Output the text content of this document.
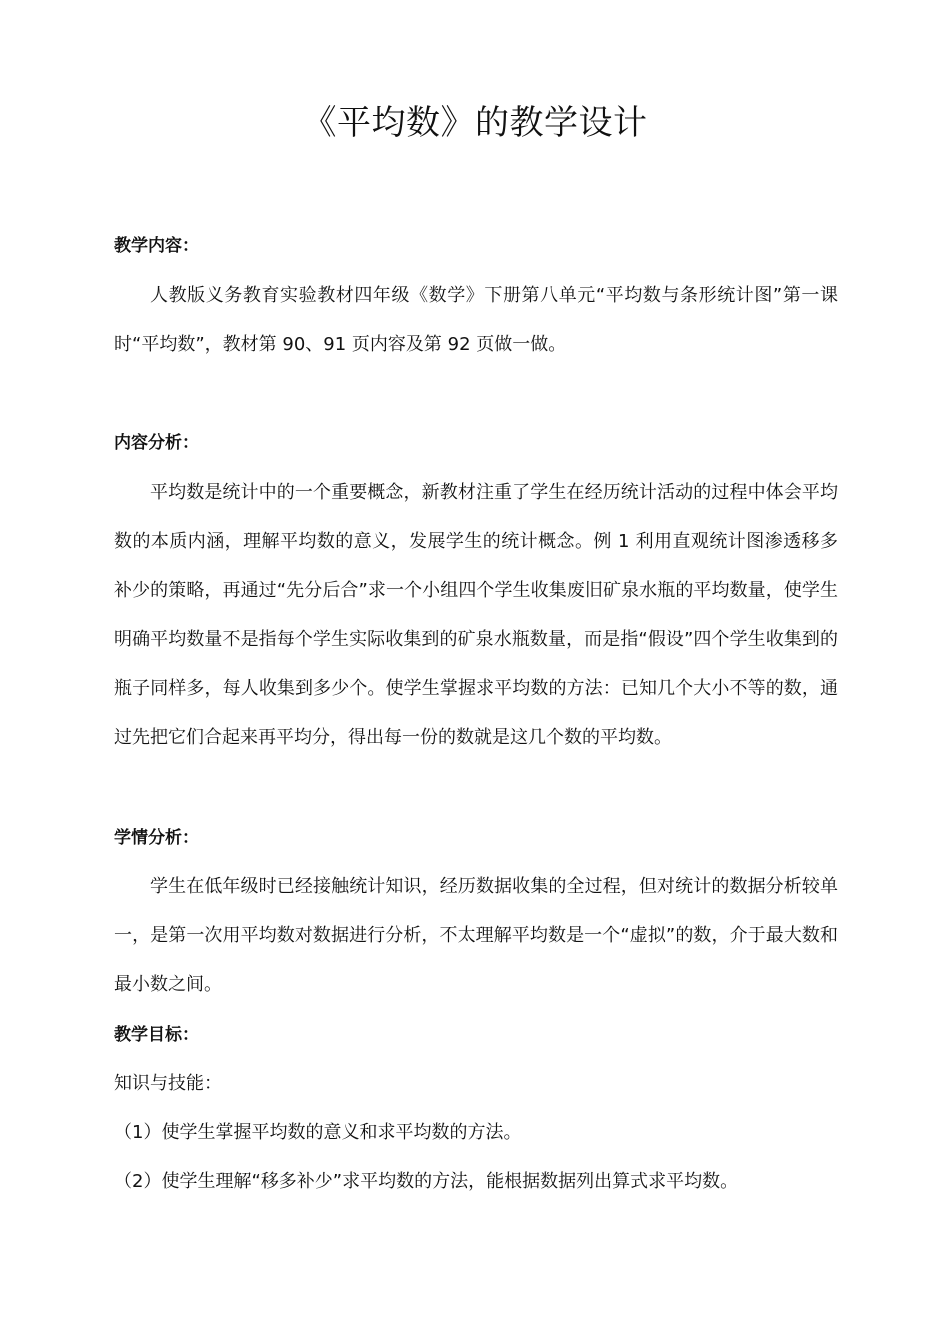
《平均数》的教学设计
教学内容：

人教版义务教育实验教材四年级《数学》下册第八单元“平均数与条形统计图”第一课时“平均数”，教材第 90、91 页内容及第 92 页做一做。

内容分析：

平均数是统计中的一个重要概念，新教材注重了学生在经历统计活动的过程中体会平均数的本质内涵，理解平均数的意义，发展学生的统计概念。例 1 利用直观统计图渗透移多补少的策略，再通过“先分后合”求一个小组四个学生收集废旧矿泉水瓶的平均数量，使学生明确平均数量不是指每个学生实际收集到的矿泉水瓶数量，而是指“假设”四个学生收集到的瓶子同样多，每人收集到多少个。使学生掌握求平均数的方法：已知几个大小不等的数，通过先把它们合起来再平均分，得出每一份的数就是这几个数的平均数。

学情分析：

学生在低年级时已经接触统计知识，经历数据收集的全过程，但对统计的数据分析较单一，是第一次用平均数对数据进行分析，不太理解平均数是一个“虚拟”的数，介于最大数和最小数之间。

教学目标：

知识与技能：

（1）使学生掌握平均数的意义和求平均数的方法。

（2）使学生理解“移多补少”求平均数的方法，能根据数据列出算式求平均数。
